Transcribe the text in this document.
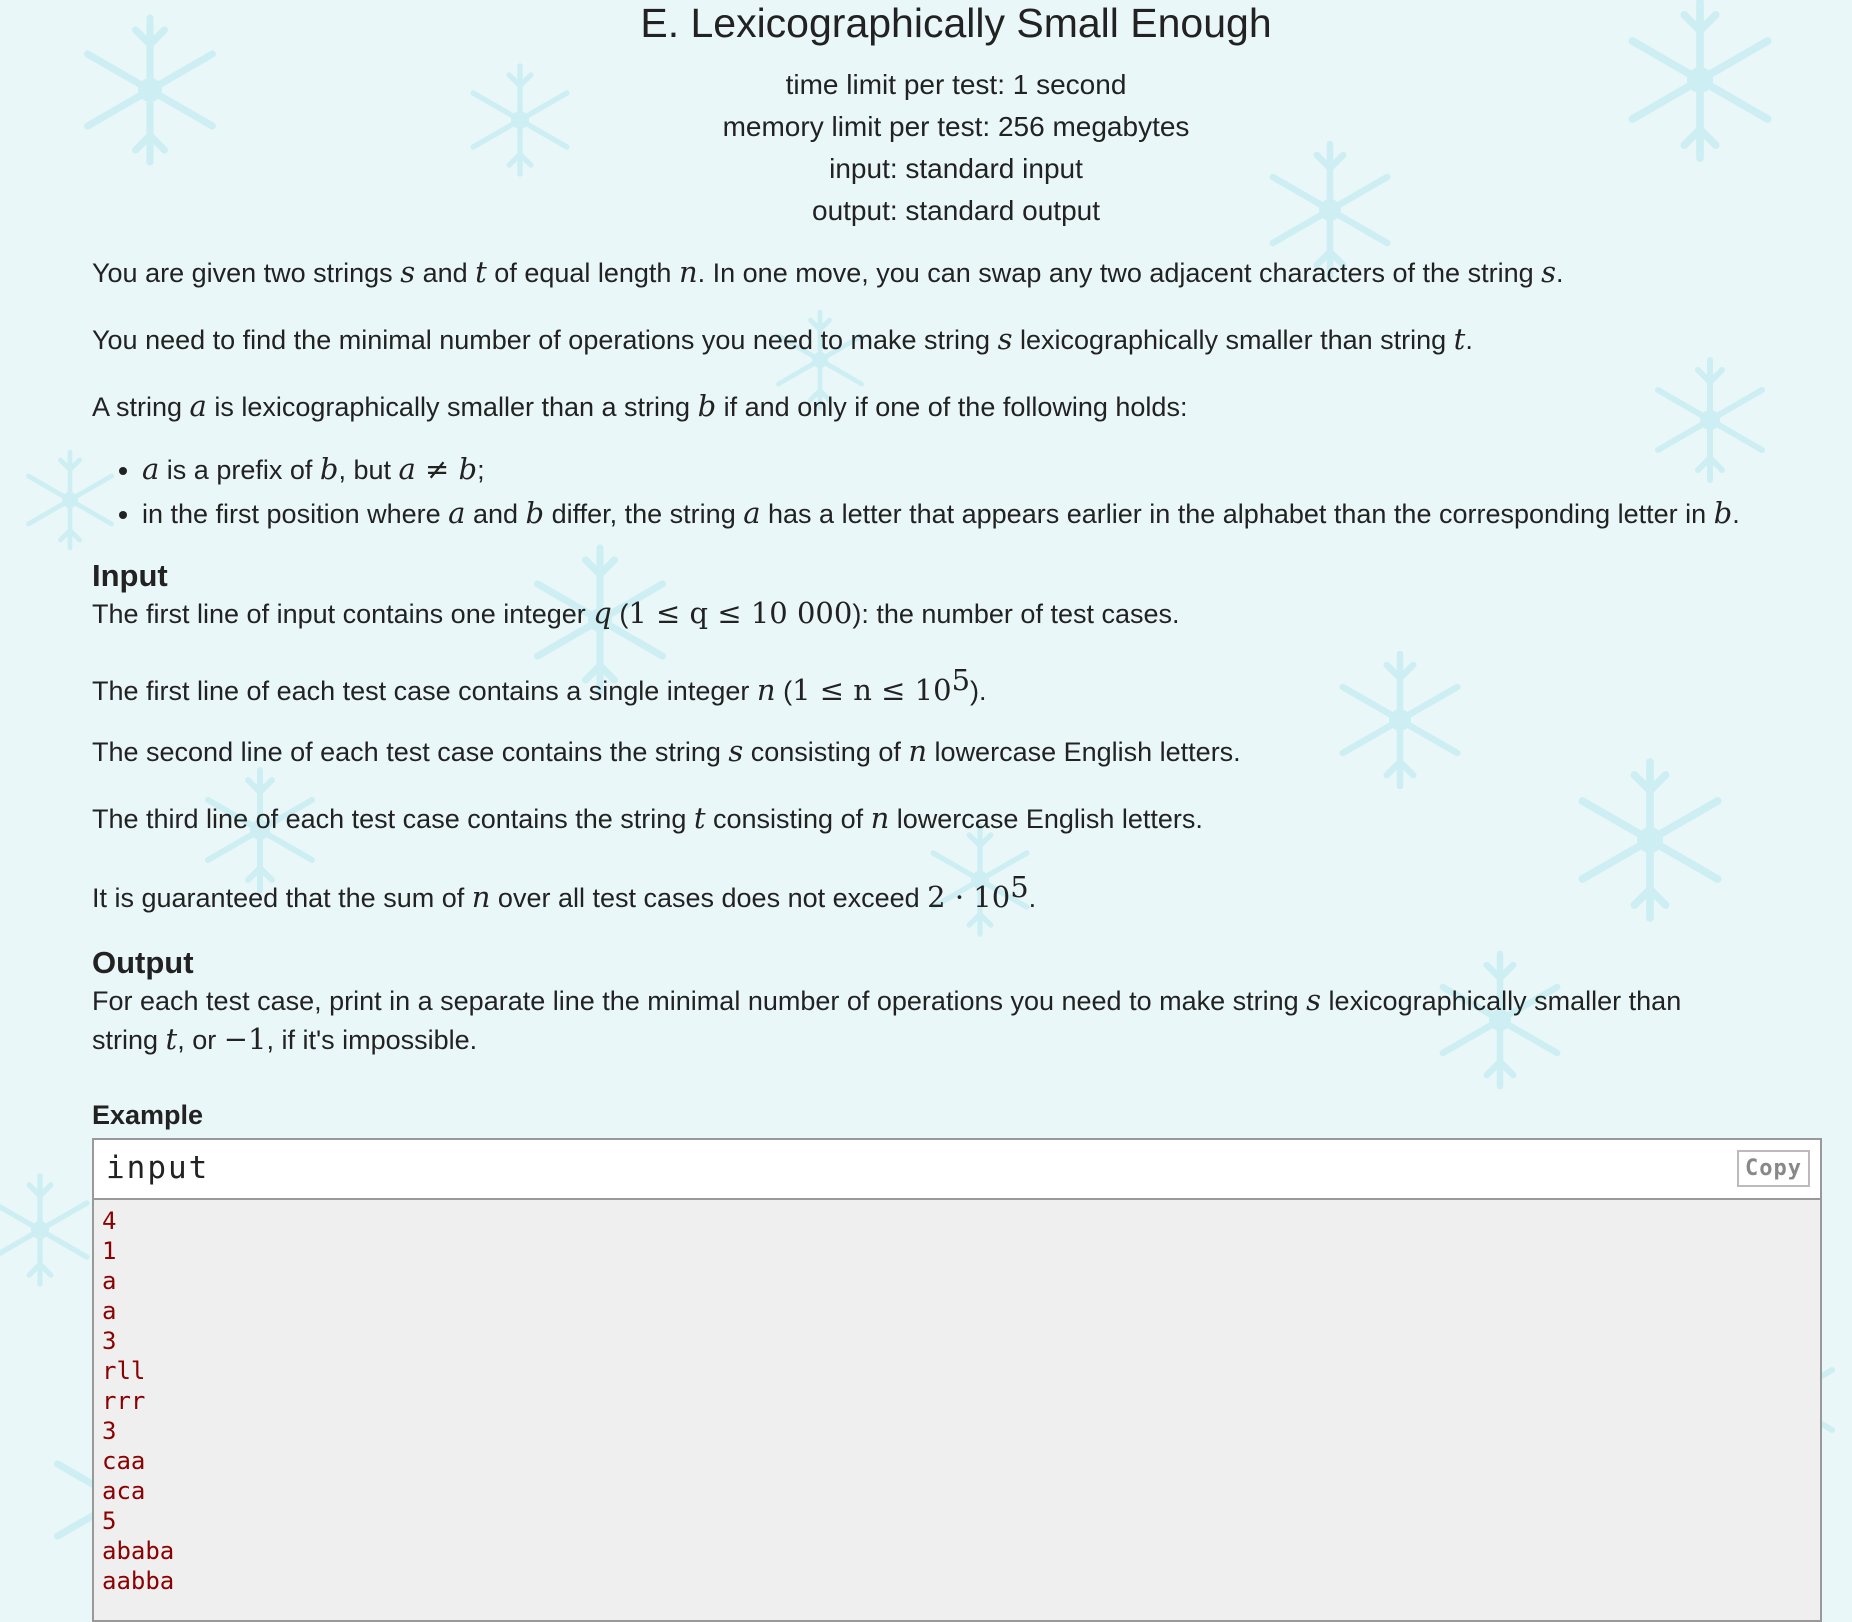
E. Lexicographically Small Enough
time limit per test: 1 second
memory limit per test: 256 megabytes
input: standard input
output: standard output

You are given two strings s and t of equal length n. In one move, you can swap any two adjacent characters of the string s.

You need to find the minimal number of operations you need to make string s lexicographically smaller than string t.

A string a is lexicographically smaller than a string b if and only if one of the following holds:

• a is a prefix of b, but a ≠ b;
• in the first position where a and b differ, the string a has a letter that appears earlier in the alphabet than the corresponding letter in b.
Input

The first line of input contains one integer q (1 ≤ q ≤ 10 000): the number of test cases.

The first line of each test case contains a single integer n $(1 \le n \le 10^5)$.

The second line of each test case contains the string s consisting of n lowercase English letters.

The third line of each test case contains the string t consisting of n lowercase English letters.

It is guaranteed that the sum of n over all test cases does not exceed $2 \cdot 10^5$.

Output

For each test case, print in a separate line the minimal number of operations you need to make string s lexicographically smaller than
string t, or −1, if it's impossible.

Example
input	Copy
4
1
a
a
3
rll
rrr
3
caa
aca
5
ababa
aabba
